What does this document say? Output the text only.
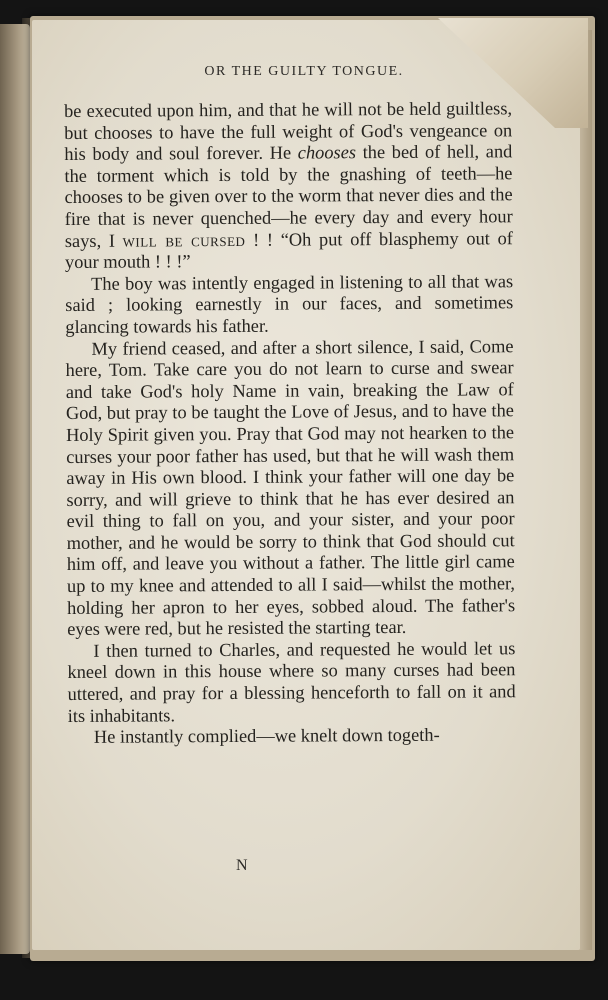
OR THE GUILTY TONGUE.

be executed upon him, and that he will not be held guiltless, but chooses to have the full weight of God's vengeance on his body and soul forever. He chooses the bed of hell, and the torment which is told by the gnashing of teeth—he chooses to be given over to the worm that never dies and the fire that is never quenched—he every day and every hour says, I will be cursed ! ! “Oh put off blasphemy out of your mouth ! ! !”

The boy was intently engaged in listening to all that was said ; looking earnestly in our faces, and sometimes glancing towards his father.

My friend ceased, and after a short silence, I said, Come here, Tom. Take care you do not learn to curse and swear and take God's holy Name in vain, breaking the Law of God, but pray to be taught the Love of Jesus, and to have the Holy Spirit given you. Pray that God may not hearken to the curses your poor father has used, but that he will wash them away in His own blood. I think your father will one day be sorry, and will grieve to think that he has ever desired an evil thing to fall on you, and your sister, and your poor mother, and he would be sorry to think that God should cut him off, and leave you without a father. The little girl came up to my knee and attended to all I said—whilst the mother, holding her apron to her eyes, sobbed aloud. The father's eyes were red, but he resisted the starting tear.

I then turned to Charles, and requested he would let us kneel down in this house where so many curses had been uttered, and pray for a blessing henceforth to fall on it and its inhabitants.

He instantly complied—we knelt down togeth-

N
